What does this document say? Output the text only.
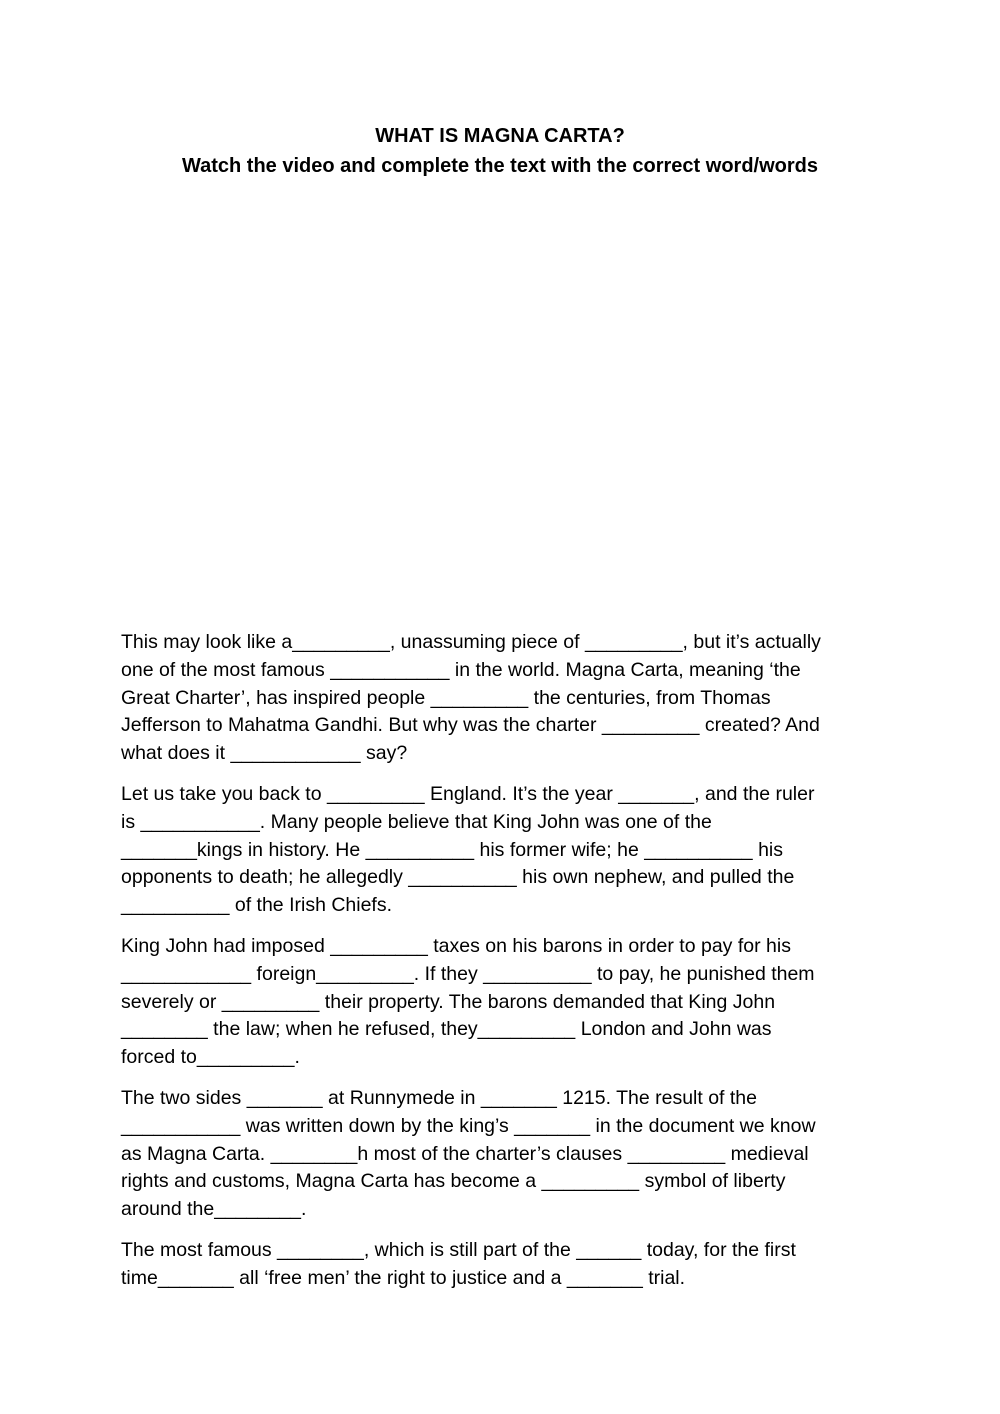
WHAT IS MAGNA CARTA?

Watch the video and complete the text with the correct word/words

This may look like a_________, unassuming piece of _________, but it’s actually

one of the most famous ___________ in the world. Magna Carta, meaning ‘the

Great Charter’, has inspired people _________ the centuries, from Thomas

Jefferson to Mahatma Gandhi. But why was the charter _________ created? And

what does it ____________ say?

Let us take you back to _________ England. It’s the year _______, and the ruler

is ___________. Many people believe that King John was one of the

_______kings in history. He __________ his former wife; he __________ his

opponents to death; he allegedly __________ his own nephew, and pulled the

__________ of the Irish Chiefs.

King John had imposed _________ taxes on his barons in order to pay for his

____________ foreign_________. If they __________ to pay, he punished them

severely or _________ their property. The barons demanded that King John

________ the law; when he refused, they_________ London and John was

forced to_________.

The two sides _______ at Runnymede in _______ 1215. The result of the

___________ was written down by the king’s _______ in the document we know

as Magna Carta. ________h most of the charter’s clauses _________ medieval

rights and customs, Magna Carta has become a _________ symbol of liberty

around the________.

The most famous ________, which is still part of the ______ today, for the first

time_______ all ‘free men’ the right to justice and a _______ trial.
